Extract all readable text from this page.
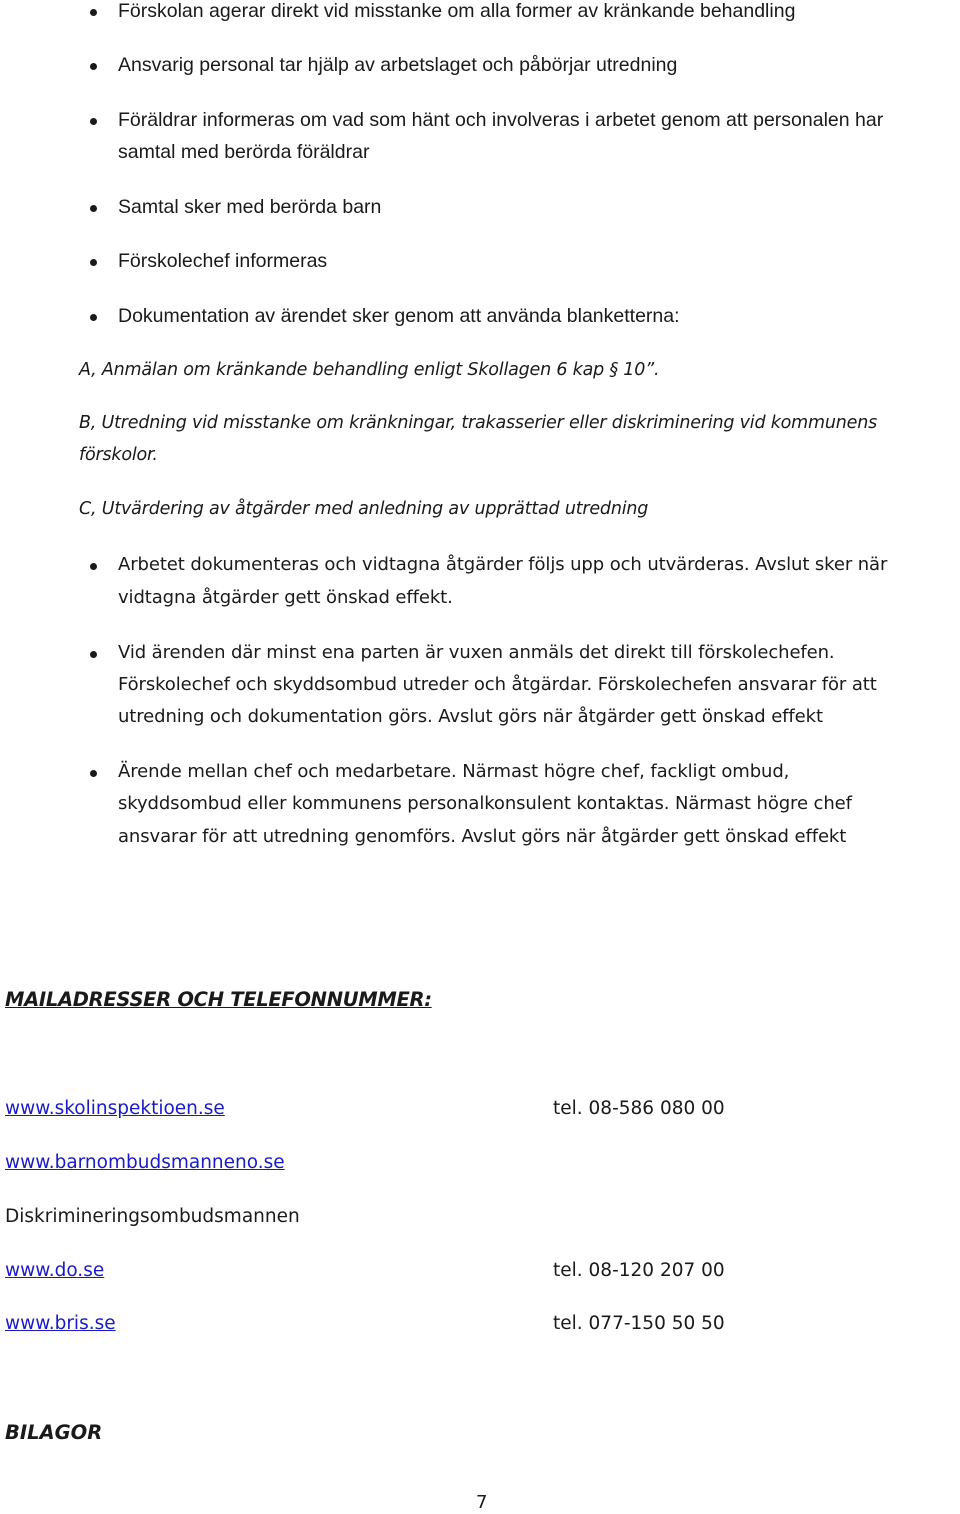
Förskolan agerar direkt vid misstanke om alla former av kränkande behandling
Ansvarig personal tar hjälp av arbetslaget och påbörjar utredning
Föräldrar informeras om vad som hänt och involveras i arbetet genom att personalen har
samtal med berörda föräldrar
Samtal sker med berörda barn
Förskolechef informeras
Dokumentation av ärendet sker genom att använda blanketterna:
A, Anmälan om kränkande behandling enligt Skollagen 6 kap § 10”.
B, Utredning vid misstanke om kränkningar, trakasserier eller diskriminering vid kommunens
förskolor.
C, Utvärdering av åtgärder med anledning av upprättad utredning
Arbetet dokumenteras och vidtagna åtgärder följs upp och utvärderas. Avslut sker när
vidtagna åtgärder gett önskad effekt.
Vid ärenden där minst ena parten är vuxen anmäls det direkt till förskolechefen.
Förskolechef och skyddsombud utreder och åtgärdar. Förskolechefen ansvarar för att
utredning och dokumentation görs. Avslut görs när åtgärder gett önskad effekt
Ärende mellan chef och medarbetare. Närmast högre chef, fackligt ombud,
skyddsombud eller kommunens personalkonsulent kontaktas. Närmast högre chef
ansvarar för att utredning genomförs. Avslut görs när åtgärder gett önskad effekt
MAILADRESSER OCH TELEFONNUMMER:
www.skolinspektioen.se	tel. 08-586 080 00
www.barnombudsmanneno.se
Diskrimineringsombudsmannen
www.do.se	tel. 08-120 207 00
www.bris.se	tel. 077-150 50 50
BILAGOR
7
